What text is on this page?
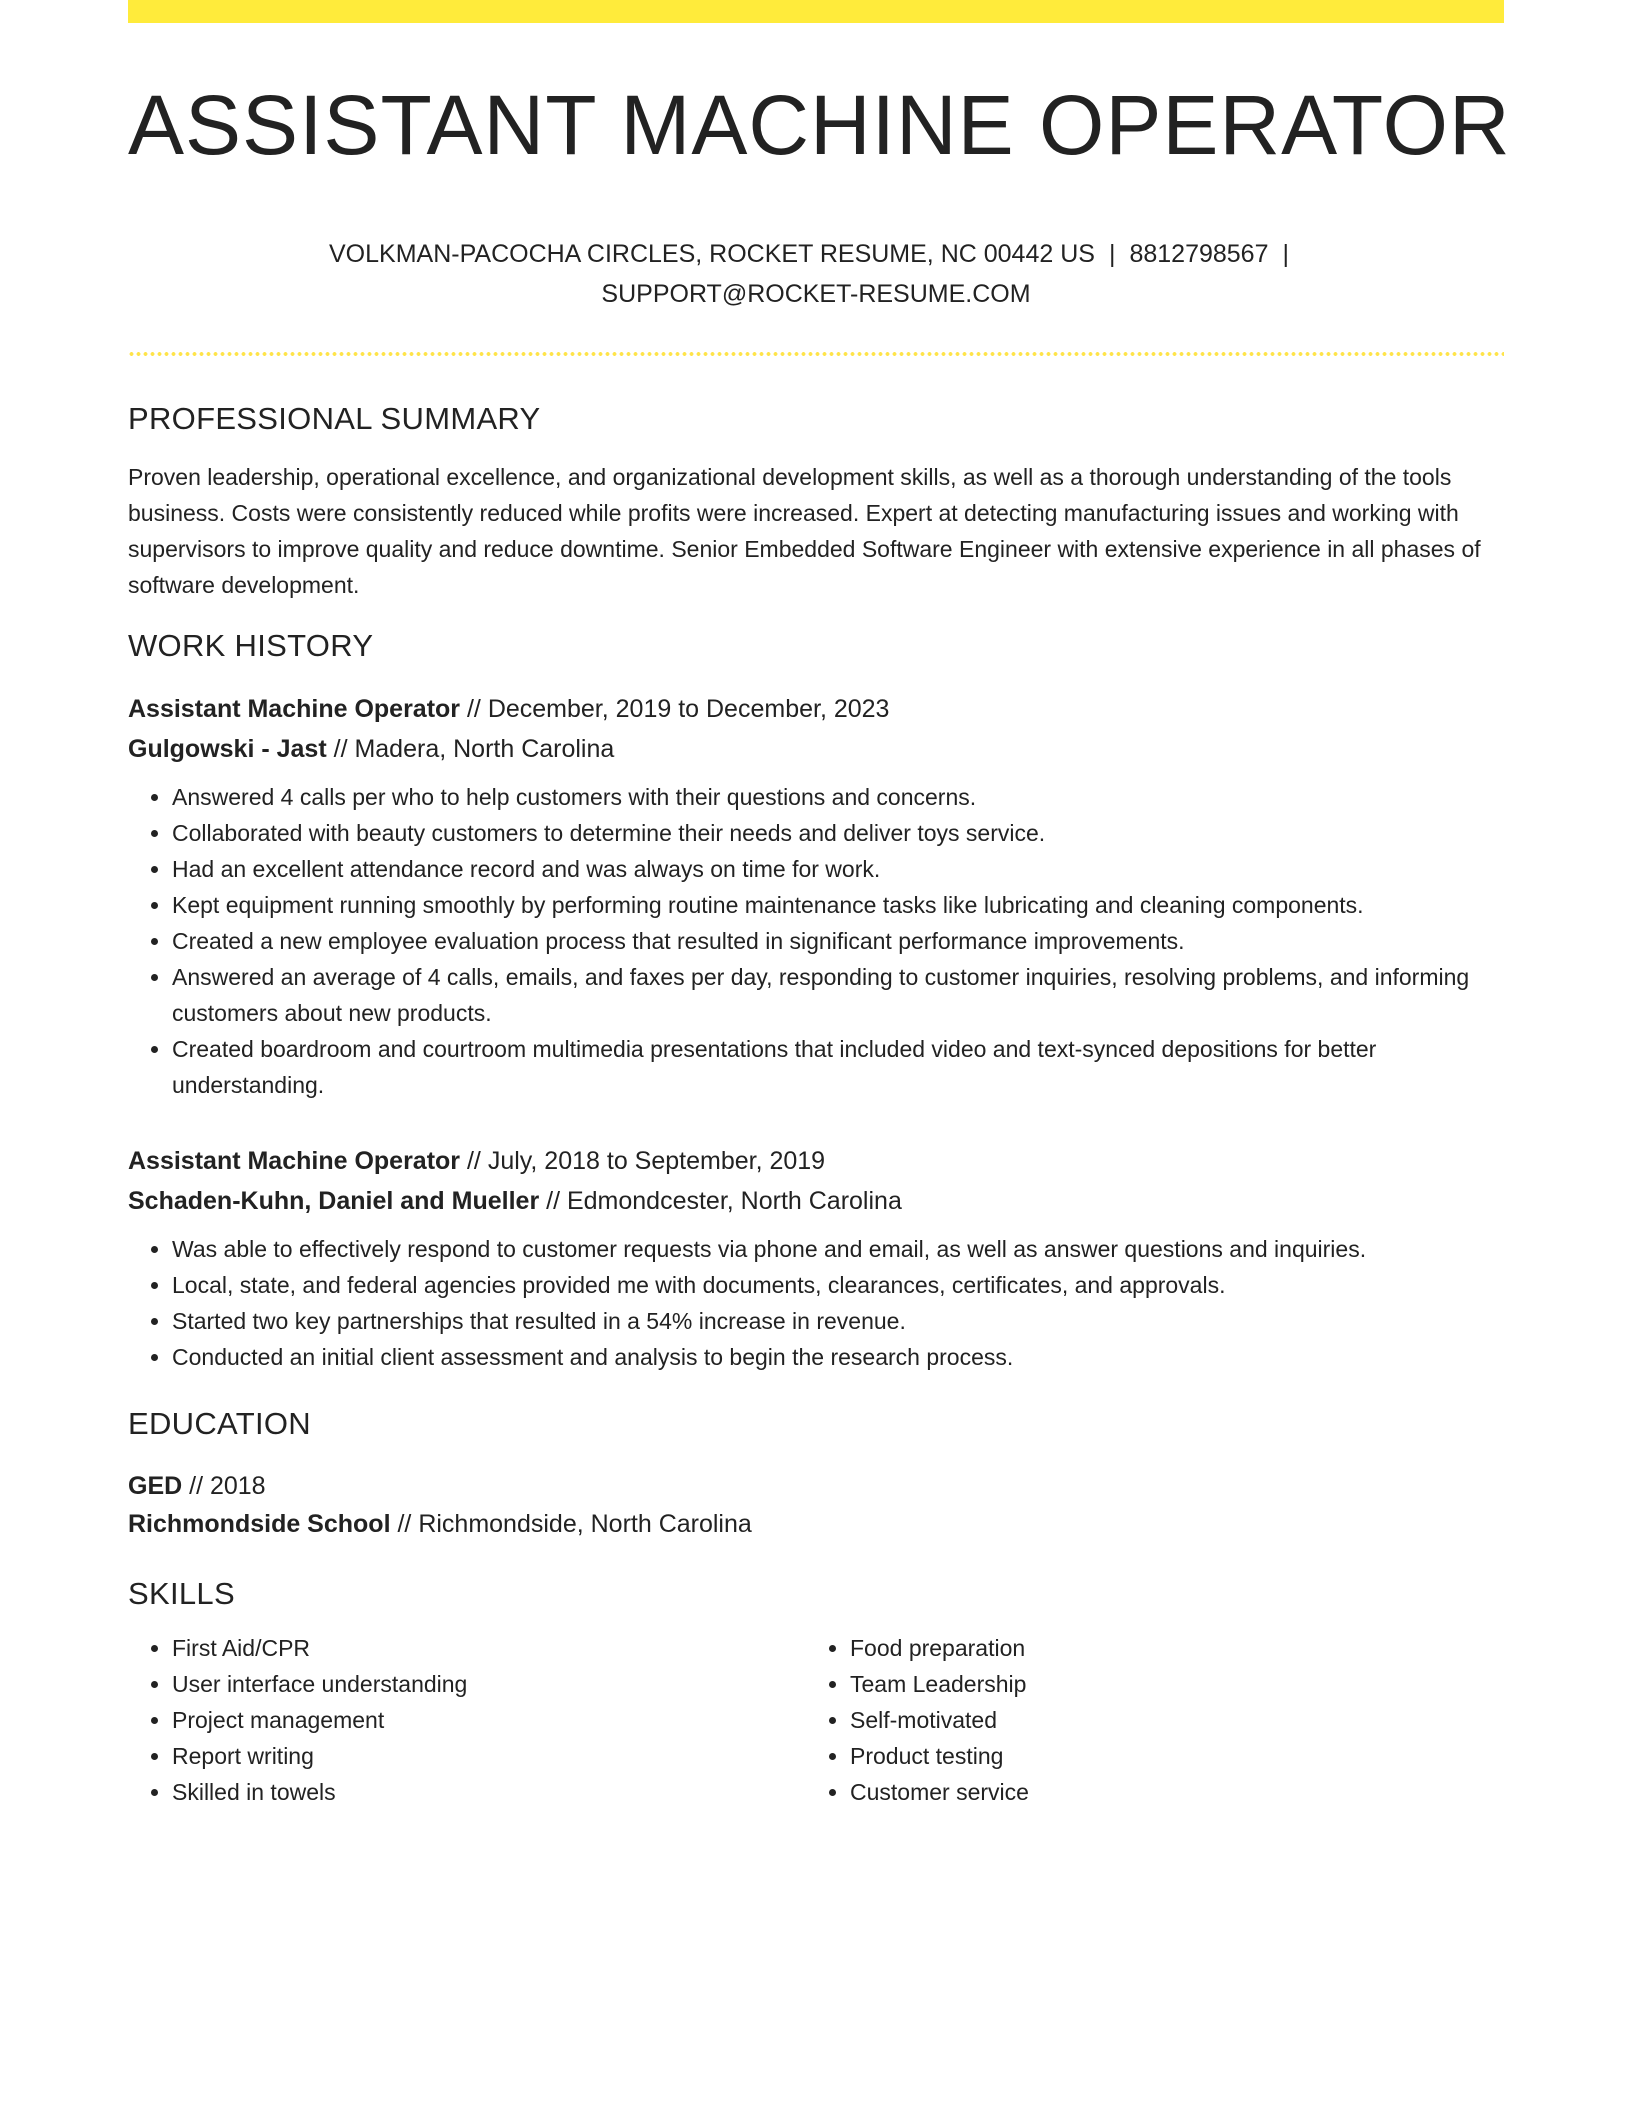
ASSISTANT MACHINE OPERATOR
VOLKMAN-PACOCHA CIRCLES, ROCKET RESUME, NC 00442 US | 8812798567 |
SUPPORT@ROCKET-RESUME.COM
PROFESSIONAL SUMMARY
Proven leadership, operational excellence, and organizational development skills, as well as a thorough understanding of the tools business. Costs were consistently reduced while profits were increased. Expert at detecting manufacturing issues and working with supervisors to improve quality and reduce downtime. Senior Embedded Software Engineer with extensive experience in all phases of software development.
WORK HISTORY
Assistant Machine Operator // December, 2019 to December, 2023
Gulgowski - Jast // Madera, North Carolina
• Answered 4 calls per who to help customers with their questions and concerns.
• Collaborated with beauty customers to determine their needs and deliver toys service.
• Had an excellent attendance record and was always on time for work.
• Kept equipment running smoothly by performing routine maintenance tasks like lubricating and cleaning components.
• Created a new employee evaluation process that resulted in significant performance improvements.
• Answered an average of 4 calls, emails, and faxes per day, responding to customer inquiries, resolving problems, and informing customers about new products.
• Created boardroom and courtroom multimedia presentations that included video and text-synced depositions for better understanding.
Assistant Machine Operator // July, 2018 to September, 2019
Schaden-Kuhn, Daniel and Mueller // Edmondcester, North Carolina
• Was able to effectively respond to customer requests via phone and email, as well as answer questions and inquiries.
• Local, state, and federal agencies provided me with documents, clearances, certificates, and approvals.
• Started two key partnerships that resulted in a 54% increase in revenue.
• Conducted an initial client assessment and analysis to begin the research process.
EDUCATION
GED // 2018
Richmondside School // Richmondside, North Carolina
SKILLS
• First Aid/CPR
• User interface understanding
• Project management
• Report writing
• Skilled in towels
• Food preparation
• Team Leadership
• Self-motivated
• Product testing
• Customer service
